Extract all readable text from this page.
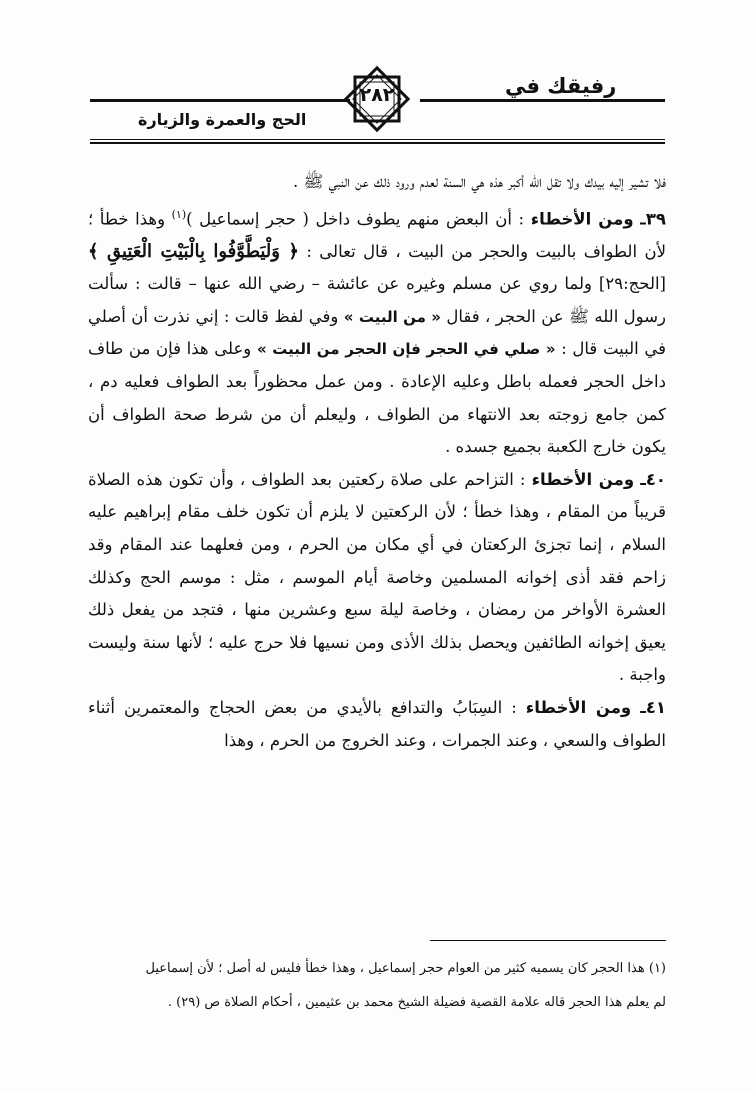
رفيقك في
الحج والعمرة والزيارة
٢٨٢

فلا تشير إليه بيدك ولا تقل الله أكبر هذه هي السنة لعدم ورود ذلك عن النبي ﷺ .

٣٩ـ ومن الأخطاء : أن البعض منهم يطوف داخل ( حجر إسماعيل )$^{(١)}$ وهذا خطأ ؛ لأن الطواف بالبيت والحجر من البيت ، قال تعالى : ﴿ وَلْيَطَّوَّفُوا بِالْبَيْتِ الْعَتِيقِ ﴾ [الحج:٢٩] ولما روي عن مسلم وغيره عن عائشة – رضي الله عنها – قالت : سألت رسول الله ﷺ عن الحجر ، فقال « من البيت » وفي لفظ قالت : إني نذرت أن أصلي في البيت قال : « صلي في الحجر فإن الحجر من البيت » وعلى هذا فإن من طاف داخل الحجر فعمله باطل وعليه الإعادة . ومن عمل محظوراً بعد الطواف فعليه دم ، كمن جامع زوجته بعد الانتهاء من الطواف ، وليعلم أن من شرط صحة الطواف أن يكون خارج الكعبة بجميع جسده .

٤٠ـ ومن الأخطاء : التزاحم على صلاة ركعتين بعد الطواف ، وأن تكون هذه الصلاة قريباً من المقام ، وهذا خطأ ؛ لأن الركعتين لا يلزم أن تكون خلف مقام إبراهيم عليه السلام ، إنما تجزئ الركعتان في أي مكان من الحرم ، ومن فعلهما عند المقام وقد زاحم فقد أذى إخوانه المسلمين وخاصة أيام الموسم ، مثل : موسم الحج وكذلك العشرة الأواخر من رمضان ، وخاصة ليلة سبع وعشرين منها ، فتجد من يفعل ذلك يعيق إخوانه الطائفين ويحصل بذلك الأذى ومن نسيها فلا حرج عليه ؛ لأنها سنة وليست واجبة .

٤١ـ ومن الأخطاء : السِبَابُ والتدافع بالأيدي من بعض الحجاج والمعتمرين أثناء الطواف والسعي ، وعند الجمرات ، وعند الخروج من الحرم ، وهذا

(١) هذا الحجر كان يسميه كثير من العوام حجر إسماعيل ، وهذا خطأ فليس له أصل ؛ لأن إسماعيل

لم يعلم هذا الحجر قاله علامة القصية فضيلة الشيخ محمد بن عثيمين ، أحكام الصلاة ص (٢٩) .
